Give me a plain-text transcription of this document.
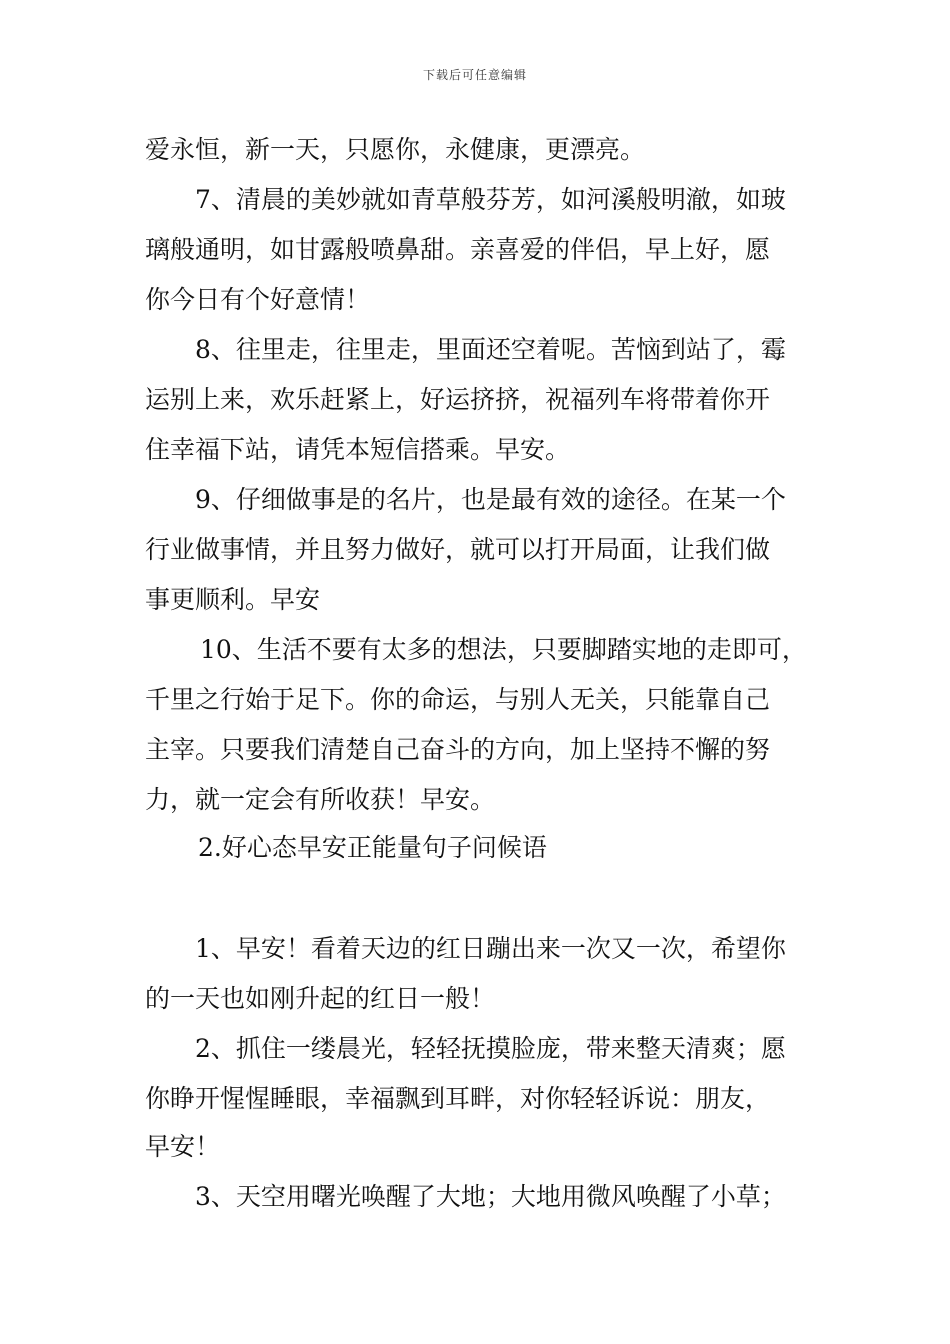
下载后可任意编辑
爱永恒，新一天，只愿你，永健康，更漂亮。
7、清晨的美妙就如青草般芬芳，如河溪般明澈，如玻
璃般通明，如甘露般喷鼻甜。亲喜爱的伴侣，早上好，愿
你今日有个好意情！
8、往里走，往里走，里面还空着呢。苦恼到站了，霉
运别上来，欢乐赶紧上，好运挤挤，祝福列车将带着你开
住幸福下站，请凭本短信搭乘。早安。
9、仔细做事是的名片，也是最有效的途径。在某一个
行业做事情，并且努力做好，就可以打开局面，让我们做
事更顺利。早安
10、生活不要有太多的想法，只要脚踏实地的走即可，
千里之行始于足下。你的命运，与别人无关，只能靠自己
主宰。只要我们清楚自己奋斗的方向，加上坚持不懈的努
力，就一定会有所收获！早安。
2.好心态早安正能量句子问候语
1、早安！看着天边的红日蹦出来一次又一次，希望你
的一天也如刚升起的红日一般！
2、抓住一缕晨光，轻轻抚摸脸庞，带来整天清爽；愿
你睁开惺惺睡眼，幸福飘到耳畔，对你轻轻诉说：朋友，
早安！
3、天空用曙光唤醒了大地；大地用微风唤醒了小草；
